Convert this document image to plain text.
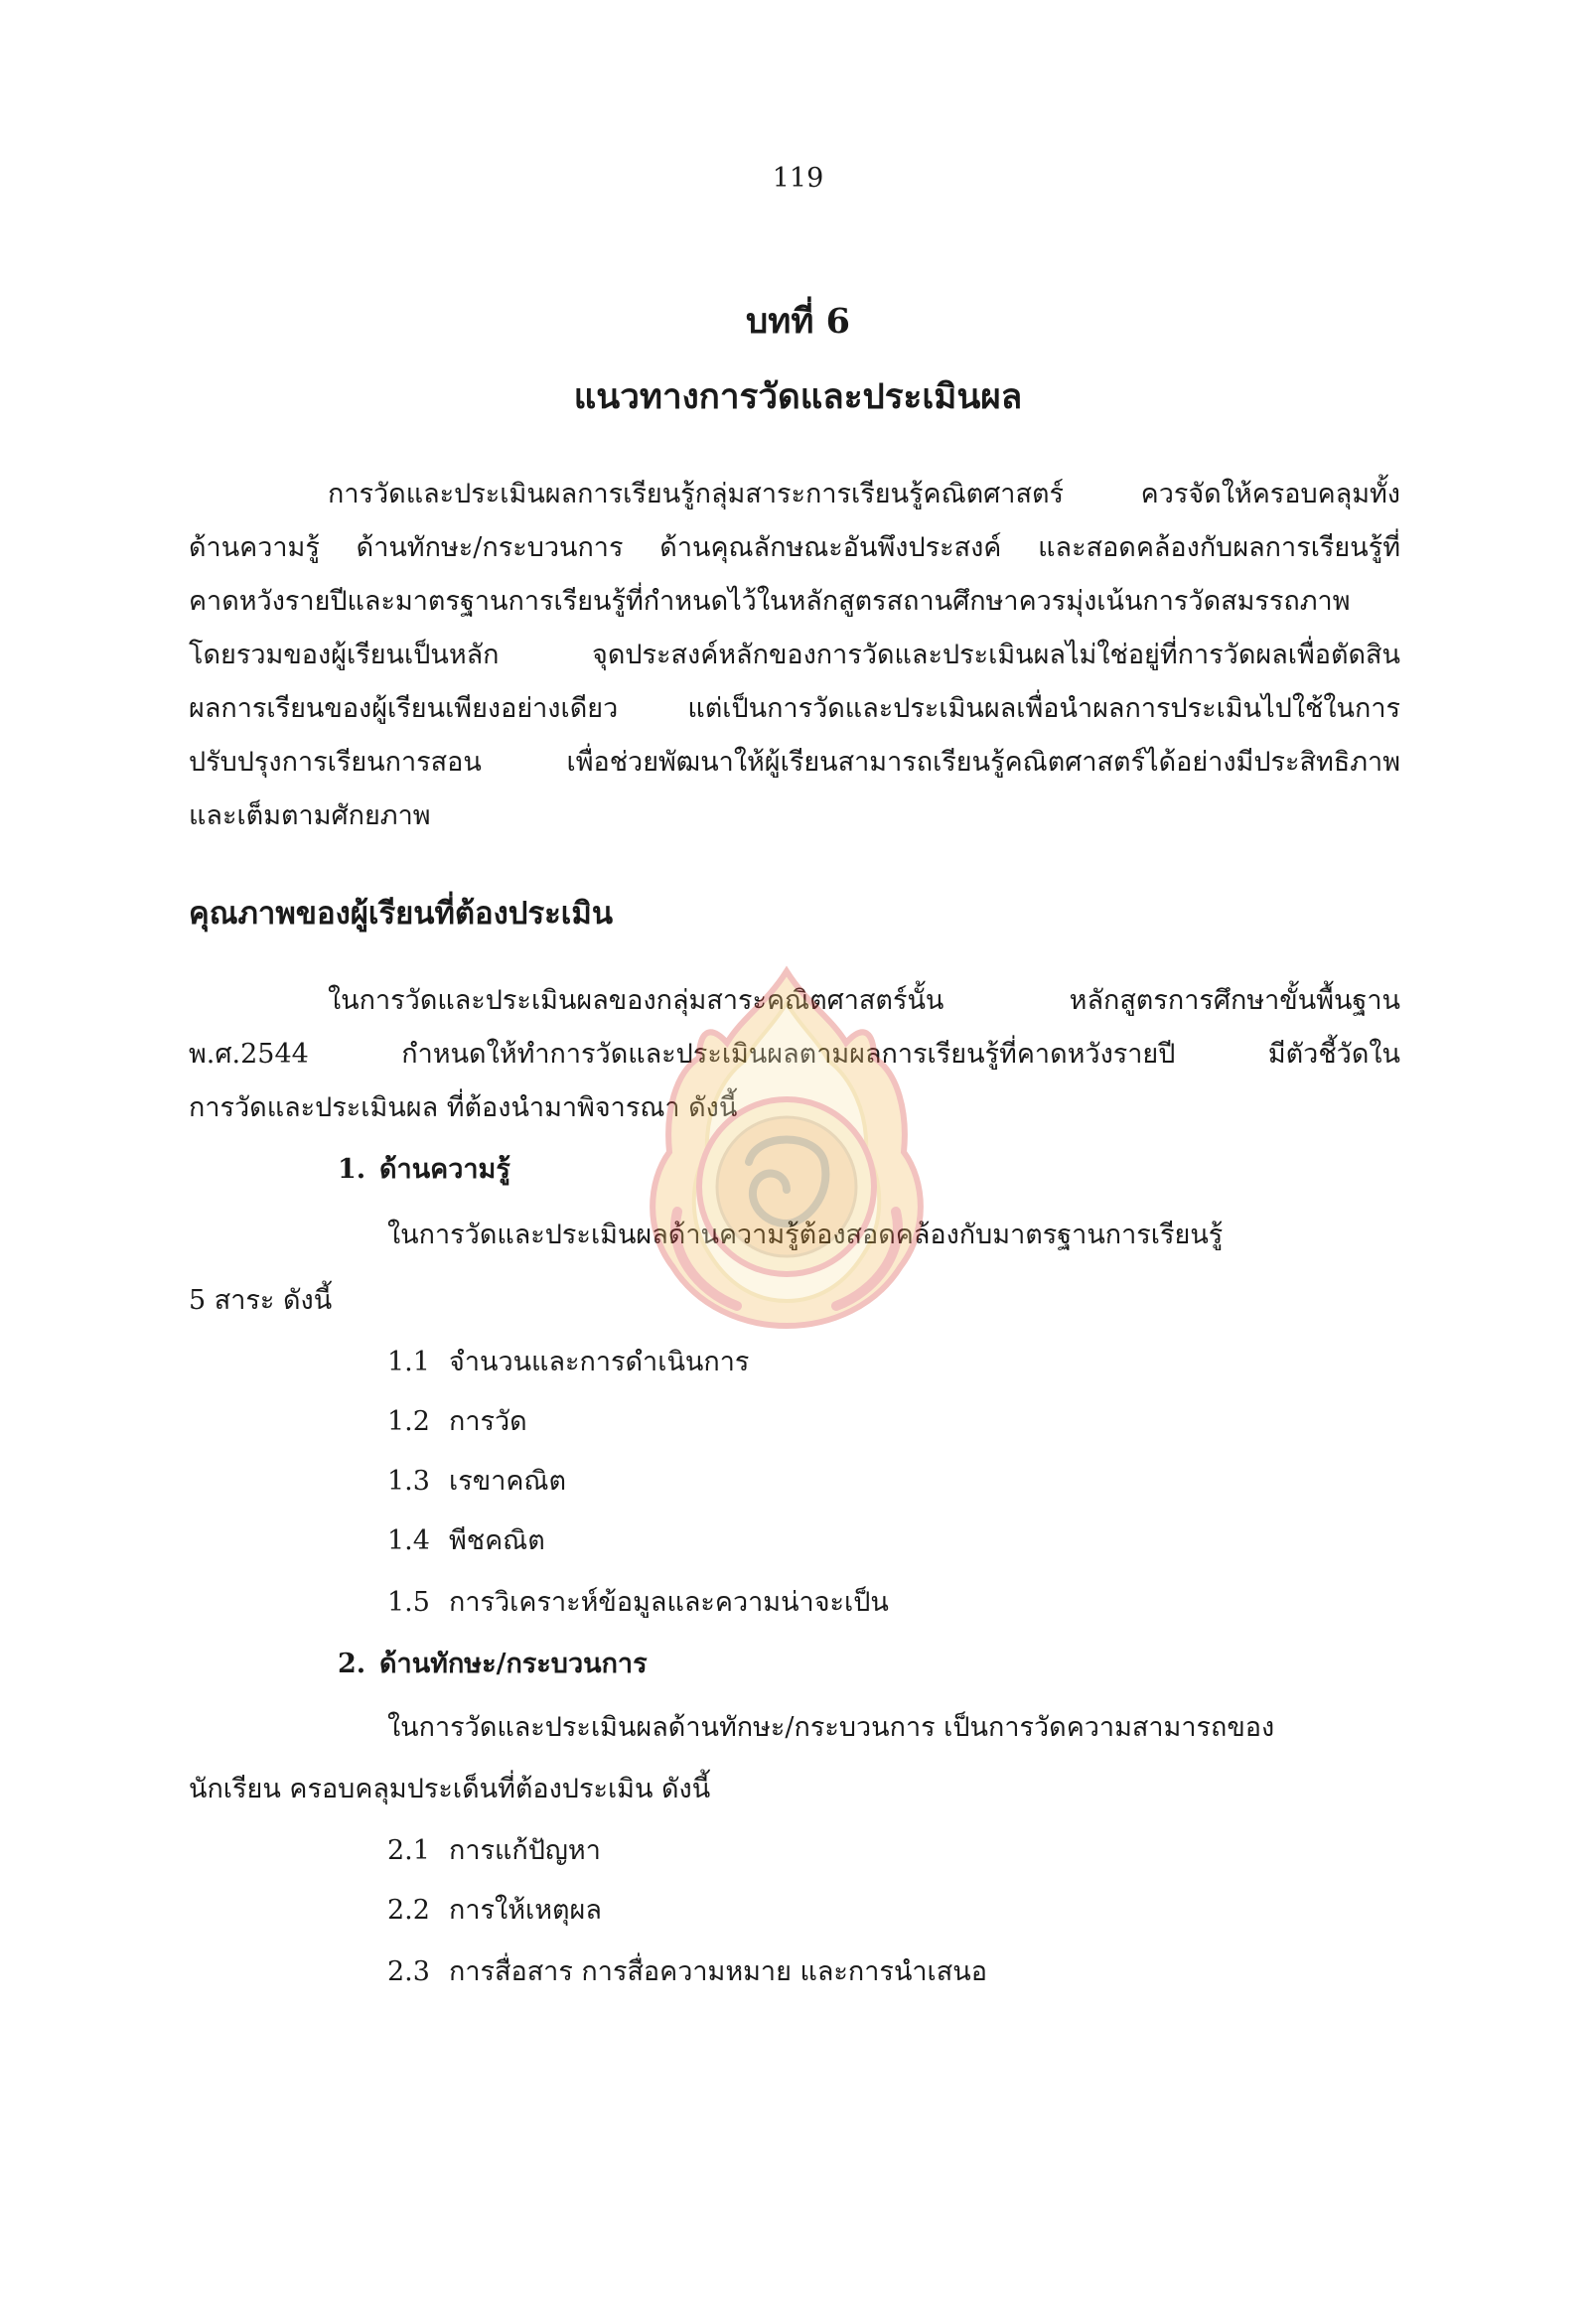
119
บทที่ 6
แนวทางการวัดและประเมินผล
การวัดและประเมินผลการเรียนรู้กลุ่มสาระการเรียนรู้คณิตศาสตร์ ควรจัดให้ครอบคลุมทั้ง
ด้านความรู้ ด้านทักษะ/กระบวนการ ด้านคุณลักษณะอันพึงประสงค์ และสอดคล้องกับผลการเรียนรู้ที่
คาดหวังรายปีและมาตรฐานการเรียนรู้ที่กำหนดไว้ในหลักสูตรสถานศึกษาควรมุ่งเน้นการวัดสมรรถภาพ
โดยรวมของผู้เรียนเป็นหลัก จุดประสงค์หลักของการวัดและประเมินผลไม่ใช่อยู่ที่การวัดผลเพื่อตัดสิน
ผลการเรียนของผู้เรียนเพียงอย่างเดียว แต่เป็นการวัดและประเมินผลเพื่อนำผลการประเมินไปใช้ในการ
ปรับปรุงการเรียนการสอน เพื่อช่วยพัฒนาให้ผู้เรียนสามารถเรียนรู้คณิตศาสตร์ได้อย่างมีประสิทธิภาพ
และเต็มตามศักยภาพ
คุณภาพของผู้เรียนที่ต้องประเมิน
ในการวัดและประเมินผลของกลุ่มสาระคณิตศาสตร์นั้น หลักสูตรการศึกษาขั้นพื้นฐาน
พ.ศ.2544 กำหนดให้ทำการวัดและประเมินผลตามผลการเรียนรู้ที่คาดหวังรายปี มีตัวชี้วัดใน
การวัดและประเมินผล ที่ต้องนำมาพิจารณา ดังนี้
1. ด้านความรู้
ในการวัดและประเมินผลด้านความรู้ต้องสอดคล้องกับมาตรฐานการเรียนรู้
5 สาระ ดังนี้
1.1 จำนวนและการดำเนินการ
1.2 การวัด
1.3 เรขาคณิต
1.4 พีชคณิต
1.5 การวิเคราะห์ข้อมูลและความน่าจะเป็น
2. ด้านทักษะ/กระบวนการ
ในการวัดและประเมินผลด้านทักษะ/กระบวนการ เป็นการวัดความสามารถของ
นักเรียน ครอบคลุมประเด็นที่ต้องประเมิน ดังนี้
2.1 การแก้ปัญหา
2.2 การให้เหตุผล
2.3 การสื่อสาร การสื่อความหมาย และการนำเสนอ
